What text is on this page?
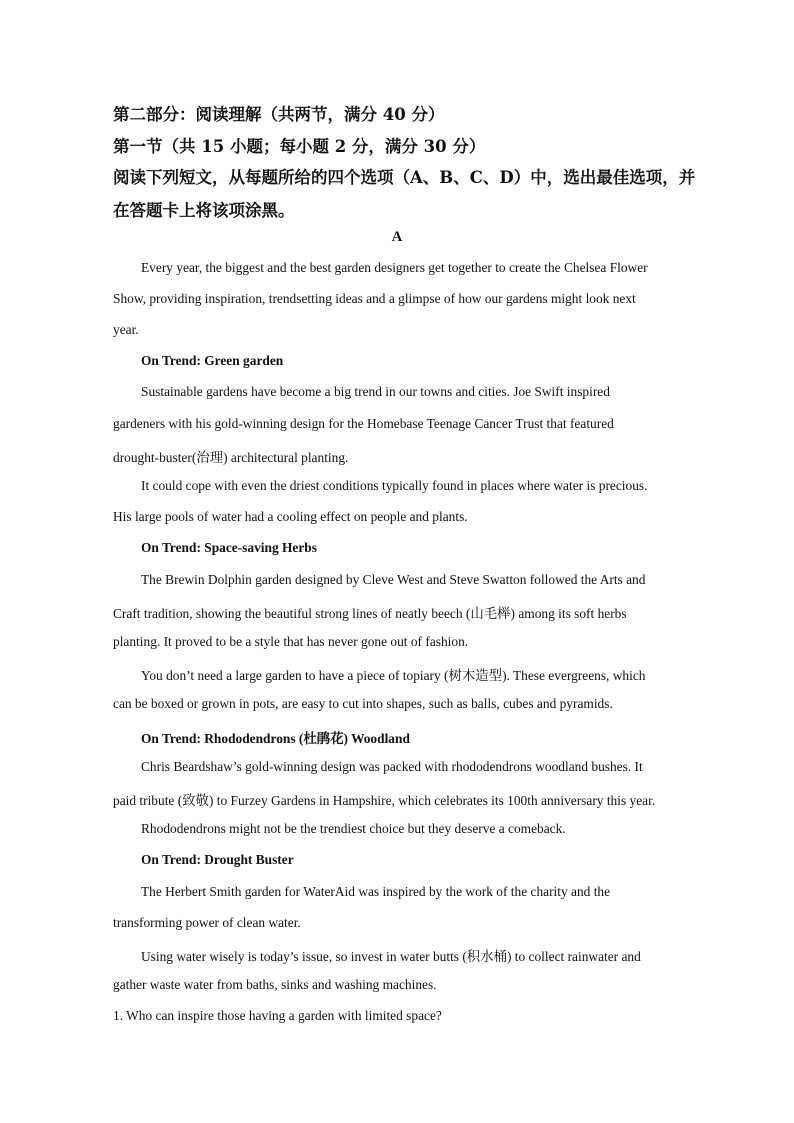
第二部分：阅读理解（共两节，满分 40 分）
第一节（共 15 小题；每小题 2 分，满分 30 分）
阅读下列短文，从每题所给的四个选项（A、B、C、D）中，选出最佳选项，并
在答题卡上将该项涂黑。
A
Every year, the biggest and the best garden designers get together to create the Chelsea Flower
Show, providing inspiration, trendsetting ideas and a glimpse of how our gardens might look next
year.
On Trend: Green garden
Sustainable gardens have become a big trend in our towns and cities. Joe Swift inspired
gardeners with his gold-winning design for the Homebase Teenage Cancer Trust that featured
drought-buster(治理) architectural planting.
It could cope with even the driest conditions typically found in places where water is precious.
His large pools of water had a cooling effect on people and plants.
On Trend: Space-saving Herbs
The Brewin Dolphin garden designed by Cleve West and Steve Swatton followed the Arts and
Craft tradition, showing the beautiful strong lines of neatly beech (山毛榉) among its soft herbs
planting. It proved to be a style that has never gone out of fashion.
You don’t need a large garden to have a piece of topiary (树木造型). These evergreens, which
can be boxed or grown in pots, are easy to cut into shapes, such as balls, cubes and pyramids.
On Trend: Rhododendrons (杜鹃花) Woodland
Chris Beardshaw’s gold-winning design was packed with rhododendrons woodland bushes. It
paid tribute (致敬) to Furzey Gardens in Hampshire, which celebrates its 100th anniversary this year.
Rhododendrons might not be the trendiest choice but they deserve a comeback.
On Trend: Drought Buster
The Herbert Smith garden for WaterAid was inspired by the work of the charity and the
transforming power of clean water.
Using water wisely is today’s issue, so invest in water butts (积水桶) to collect rainwater and
gather waste water from baths, sinks and washing machines.
1. Who can inspire those having a garden with limited space?
